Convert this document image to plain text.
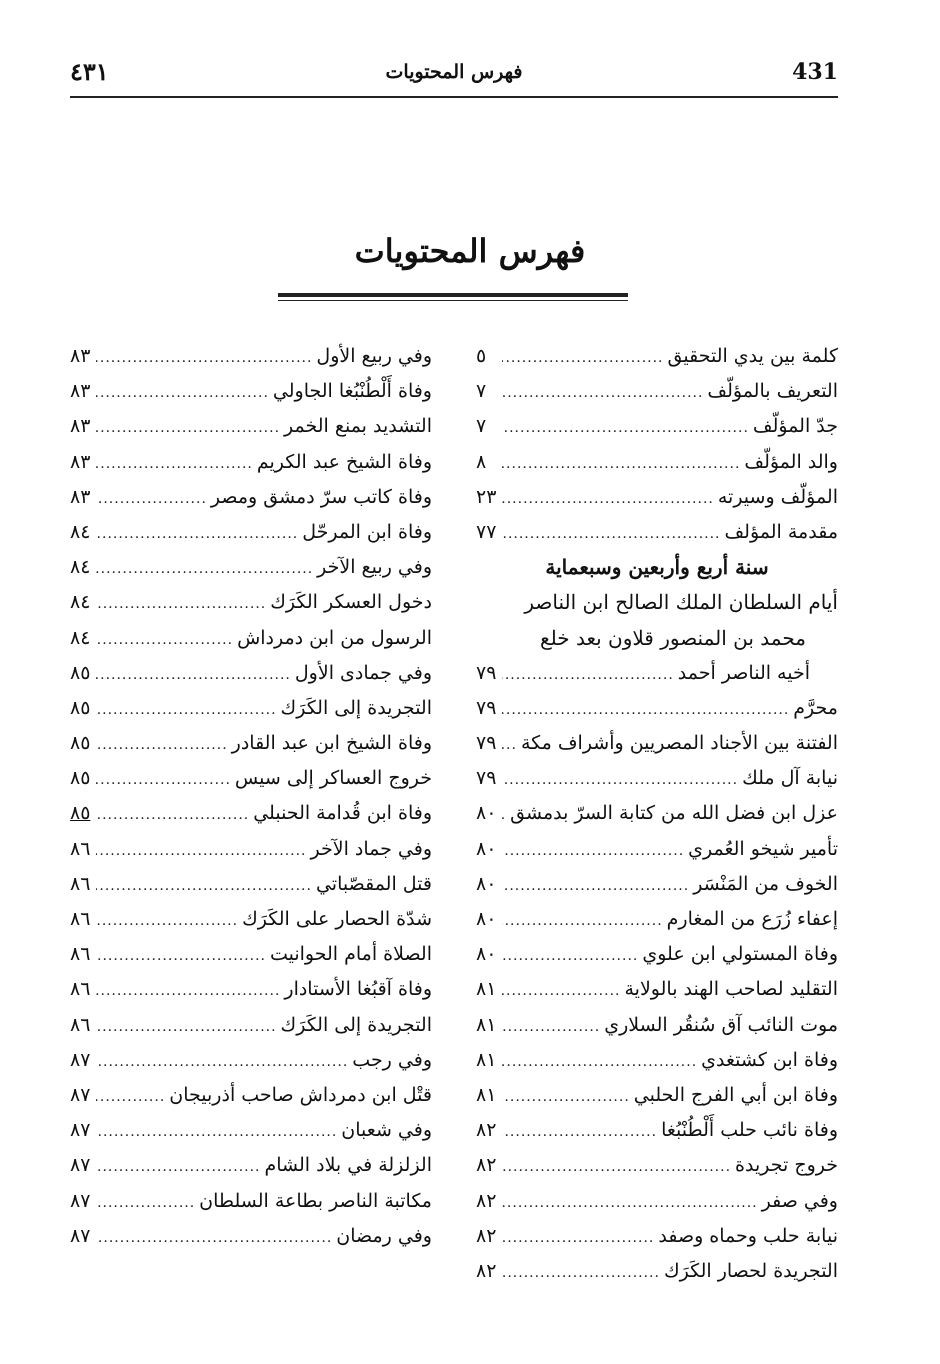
431
فهرس المحتويات
٤٣١
فهرس المحتويات
كلمة بين يدي التحقيق
.....
٥
التعريف بالمؤلّف
.....
٧
جدّ المؤلّف
.....
٧
والد المؤلّف
.....
٨
المؤلّف وسيرته
.....
٢٣
مقدمة المؤلف
.....
٧٧
سنة أربع وأربعين وسبعماية
أيام السلطان الملك الصالح ابن الناصر
محمد بن المنصور قلاون بعد خلع
أخيه الناصر أحمد
.....
٧٩
محرَّم
.....
٧٩
الفتنة بين الأجناد المصريين وأشراف مكة
.....
٧٩
نيابة آل ملك
.....
٧٩
عزل ابن فضل الله من كتابة السرّ بدمشق
.....
٨٠
تأمير شيخو العُمري
.....
٨٠
الخوف من المَنْسَر
.....
٨٠
إعفاء زُرَع من المغارم
.....
٨٠
وفاة المستولي ابن علوي
.....
٨٠
التقليد لصاحب الهند بالولاية
.....
٨١
موت النائب آق سُنقُر السلاري
.....
٨١
وفاة ابن كشتغدي
.....
٨١
وفاة ابن أبي الفرج الحلبي
.....
٨١
وفاة نائب حلب أَلْطُنْبُغا
.....
٨٢
خروج تجريدة
.....
٨٢
وفي صفر
.....
٨٢
نيابة حلب وحماه وصفد
.....
٨٢
التجريدة لحصار الكَرَك
.....
٨٢
وفي ربيع الأول
.....
٨٣
وفاة أَلْطُنْبُغا الجاولي
.....
٨٣
التشديد بمنع الخمر
.....
٨٣
وفاة الشيخ عبد الكريم
.....
٨٣
وفاة كاتب سرّ دمشق ومصر
.....
٨٣
وفاة ابن المرحّل
.....
٨٤
وفي ربيع الآخر
.....
٨٤
دخول العسكر الكَرَك
.....
٨٤
الرسول من ابن دمرداش
.....
٨٤
وفي جمادى الأول
.....
٨٥
التجريدة إلى الكَرَك
.....
٨٥
وفاة الشيخ ابن عبد القادر
.....
٨٥
خروج العساكر إلى سيس
.....
٨٥
وفاة ابن قُدامة الحنبلي
.....
٨٥
وفي جماد الآخر
.....
٨٦
قتل المقصّباتي
.....
٨٦
شدّة الحصار على الكَرَك
.....
٨٦
الصلاة أمام الحوانيت
.....
٨٦
وفاة آقبُغا الأستادار
.....
٨٦
التجريدة إلى الكَرَك
.....
٨٦
وفي رجب
.....
٨٧
قتْل ابن دمرداش صاحب أذربيجان
.....
٨٧
وفي شعبان
.....
٨٧
الزلزلة في بلاد الشام
.....
٨٧
مكاتبة الناصر بطاعة السلطان
.....
٨٧
وفي رمضان
.....
٨٧
